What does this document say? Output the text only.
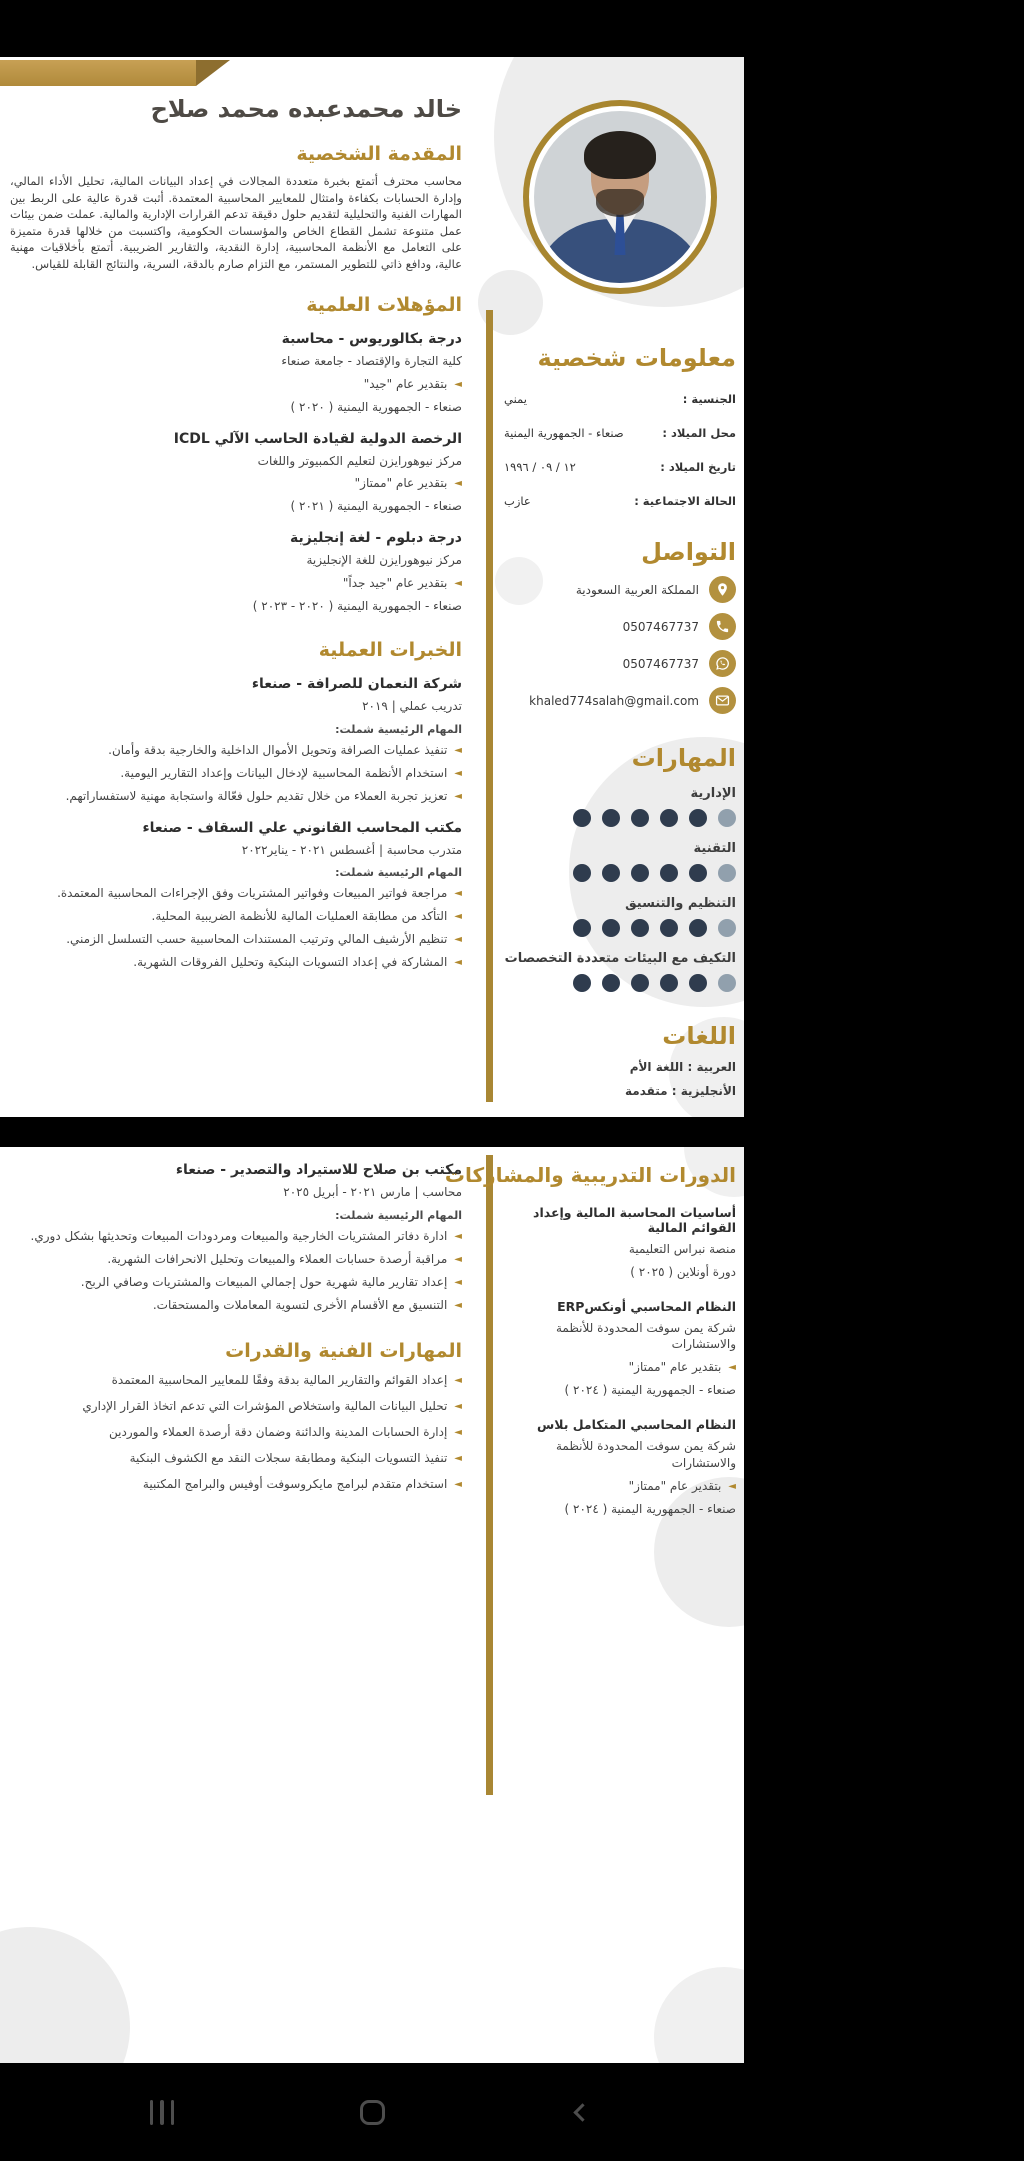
خالد محمدعبده محمد صلاح
المقدمة الشخصية

محاسب محترف أتمتع بخبرة متعددة المجالات في إعداد البيانات المالية، تحليل الأداء المالي، وإدارة الحسابات بكفاءة وامتثال للمعايير المحاسبية المعتمدة. أثبت قدرة عالية على الربط بين المهارات الفنية والتحليلية لتقديم حلول دقيقة تدعم القرارات الإدارية والمالية. عملت ضمن بيئات عمل متنوعة تشمل القطاع الخاص والمؤسسات الحكومية، واكتسبت من خلالها قدرة متميزة على التعامل مع الأنظمة المحاسبية، إدارة النقدية، والتقارير الضريبية. أتمتع بأخلاقيات مهنية عالية، ودافع ذاتي للتطوير المستمر، مع التزام صارم بالدقة، السرية، والنتائج القابلة للقياس.

المؤهلات العلمية
درجة بكالوريوس - محاسبة
كلية التجارة والإقتصاد - جامعة صنعاء
◄
بتقدير عام "جيد"
صنعاء - الجمهورية اليمنية ( ٢٠٢٠ )
الرخصة الدولية لقيادة الحاسب الآلي ICDL
مركز نيوهورايزن لتعليم الكمبيوتر واللغات
◄
بتقدير عام "ممتاز"
صنعاء - الجمهورية اليمنية ( ٢٠٢١ )
درجة دبلوم - لغة إنجليزية
مركز نيوهورايزن للغة الإنجليزية
◄
بتقدير عام "جيد جداً"
صنعاء - الجمهورية اليمنية ( ٢٠٢٠ - ٢٠٢٣ )
الخبرات العملية
شركة النعمان للصرافة - صنعاء
تدريب عملي | ٢٠١٩
المهام الرئيسية شملت:
◄
تنفيذ عمليات الصرافة وتحويل الأموال الداخلية والخارجية بدقة وأمان.
◄
استخدام الأنظمة المحاسبية لإدخال البيانات وإعداد التقارير اليومية.
◄
تعزيز تجربة العملاء من خلال تقديم حلول فعّالة واستجابة مهنية لاستفساراتهم.
مكتب المحاسب القانوني علي السقاف - صنعاء
متدرب محاسبة | أغسطس ٢٠٢١ - يناير٢٠٢٢
المهام الرئيسية شملت:
◄
مراجعة فواتير المبيعات وفواتير المشتريات وفق الإجراءات المحاسبية المعتمدة.
◄
التأكد من مطابقة العمليات المالية للأنظمة الضريبية المحلية.
◄
تنظيم الأرشيف المالي وترتيب المستندات المحاسبية حسب التسلسل الزمني.
◄
المشاركة في إعداد التسويات البنكية وتحليل الفروقات الشهرية.
معلومات شخصية
الجنسية :
يمني
محل الميلاد :
صنعاء - الجمهورية اليمنية
تاريخ الميلاد :
١٢ / ٠٩ / ١٩٩٦
الحالة الاجتماعية :
عازب
التواصل
المملكة العربية السعودية
0507467737
0507467737
khaled774salah@gmail.com
المهارات
الإدارية
التقنية
التنظيم والتنسيق
التكيف مع البيئات متعددة التخصصات
اللغات
العربية : اللغة الأم
الأنجليزية : متقدمة
مكتب بن صلاح للاستيراد والتصدير - صنعاء
محاسب | مارس ٢٠٢١ - أبريل ٢٠٢٥
المهام الرئيسية شملت:
◄
ادارة دفاتر المشتريات الخارجية والمبيعات ومردودات المبيعات وتحديثها بشكل دوري.
◄
مراقبة أرصدة حسابات العملاء والمبيعات وتحليل الانحرافات الشهرية.
◄
إعداد تقارير مالية شهرية حول إجمالي المبيعات والمشتريات وصافي الربح.
◄
التنسيق مع الأقسام الأخرى لتسوية المعاملات والمستحقات.
المهارات الفنية والقدرات
◄
إعداد القوائم والتقارير المالية بدقة وفقًا للمعايير المحاسبية المعتمدة
◄
تحليل البيانات المالية واستخلاص المؤشرات التي تدعم اتخاذ القرار الإداري
◄
إدارة الحسابات المدينة والدائنة وضمان دقة أرصدة العملاء والموردين
◄
تنفيذ التسويات البنكية ومطابقة سجلات النقد مع الكشوف البنكية
◄
استخدام متقدم لبرامج مايكروسوفت أوفيس والبرامج المكتبية
الدورات التدريبية والمشاركات
أساسيات المحاسبة المالية وإعداد القوائم المالية
منصة نبراس التعليمية
دورة أونلاين ( ٢٠٢٥ )
النظام المحاسبي أونكسERP
شركة يمن سوفت المحدودة للأنظمة والاستشارات
◄
بتقدير عام "ممتاز"
صنعاء - الجمهورية اليمنية ( ٢٠٢٤ )
النظام المحاسبي المتكامل بلاس
شركة يمن سوفت المحدودة للأنظمة والاستشارات
◄
بتقدير عام "ممتاز"
صنعاء - الجمهورية اليمنية ( ٢٠٢٤ )
